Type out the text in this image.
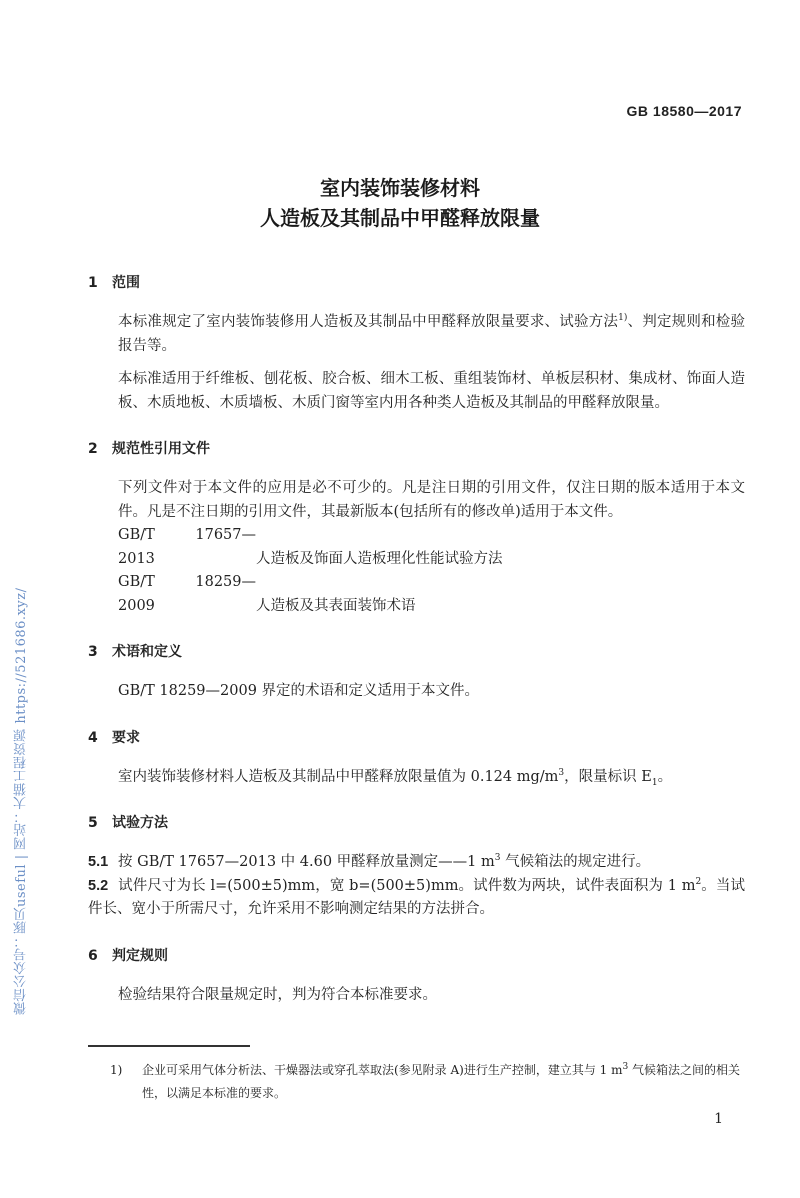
GB 18580—2017
室内装饰装修材料
人造板及其制品中甲醛释放限量
1 范围
本标准规定了室内装饰装修用人造板及其制品中甲醛释放限量要求、试验方法$^{1)}$、判定规则和检验报告等。
本标准适用于纤维板、刨花板、胶合板、细木工板、重组装饰材、单板层积材、集成材、饰面人造板、木质地板、木质墙板、木质门窗等室内用各种类人造板及其制品的甲醛释放限量。
2 规范性引用文件
下列文件对于本文件的应用是必不可少的。凡是注日期的引用文件，仅注日期的版本适用于本文件。凡是不注日期的引用文件，其最新版本(包括所有的修改单)适用于本文件。
GB/T 17657—2013	人造板及饰面人造板理化性能试验方法
GB/T 18259—2009	人造板及其表面装饰术语
3 术语和定义
GB/T 18259—2009 界定的术语和定义适用于本文件。
4 要求
室内装饰装修材料人造板及其制品中甲醛释放限量值为 0.124 $mg/m^3$，限量标识 $E_1$。
5 试验方法
5.1 按 GB/T 17657—2013 中 4.60 甲醛释放量测定——1 $m^3$ 气候箱法的规定进行。
5.2 试件尺寸为长 l=(500±5)mm，宽 b=(500±5)mm。试件数为两块，试件表面积为 1 $m^2$。当试件长、宽小于所需尺寸，允许采用不影响测定结果的方法拼合。
6 判定规则
检验结果符合限量规定时，判为符合本标准要求。
1)	企业可采用气体分析法、干燥器法或穿孔萃取法(参见附录 A)进行生产控制，建立其与 1 $m^3$ 气候箱法之间的相关性，以满足本标准的要求。
1
微信公众号：豚贝useful | 网站：大猫工程资源 https://521686.xyz/
